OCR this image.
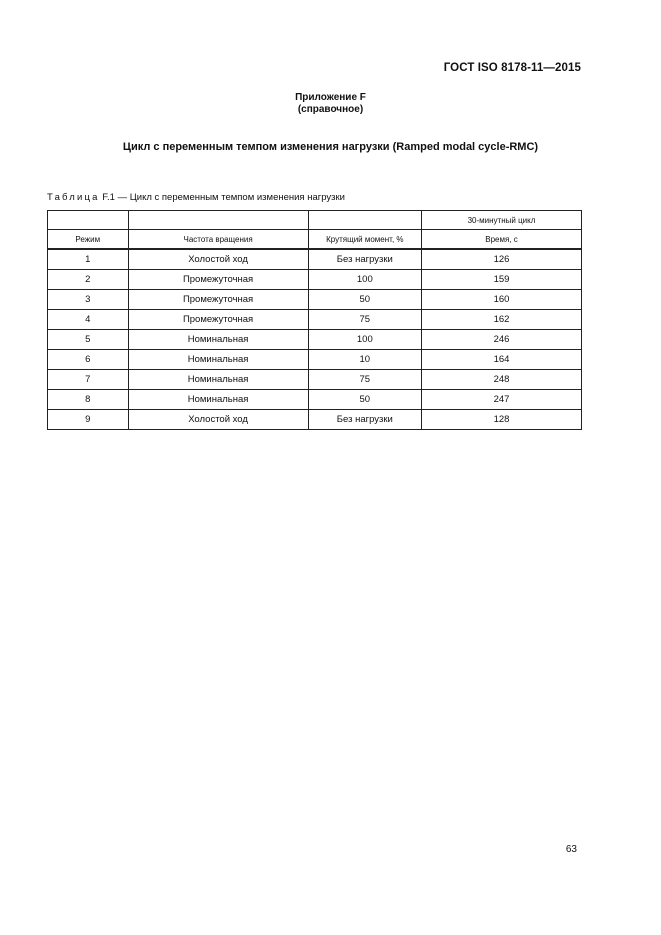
ГОСТ ISO 8178-11—2015
Приложение F
(справочное)
Цикл с переменным темпом изменения нагрузки (Ramped modal cycle-RMC)
Таблица F.1 — Цикл с переменным темпом изменения нагрузки
			30-минутный цикл
Режим	Частота вращения	Крутящий момент, %	Время, с
1	Холостой ход	Без нагрузки	126
2	Промежуточная	100	159
3	Промежуточная	50	160
4	Промежуточная	75	162
5	Номинальная	100	246
6	Номинальная	10	164
7	Номинальная	75	248
8	Номинальная	50	247
9	Холостой ход	Без нагрузки	128
63
